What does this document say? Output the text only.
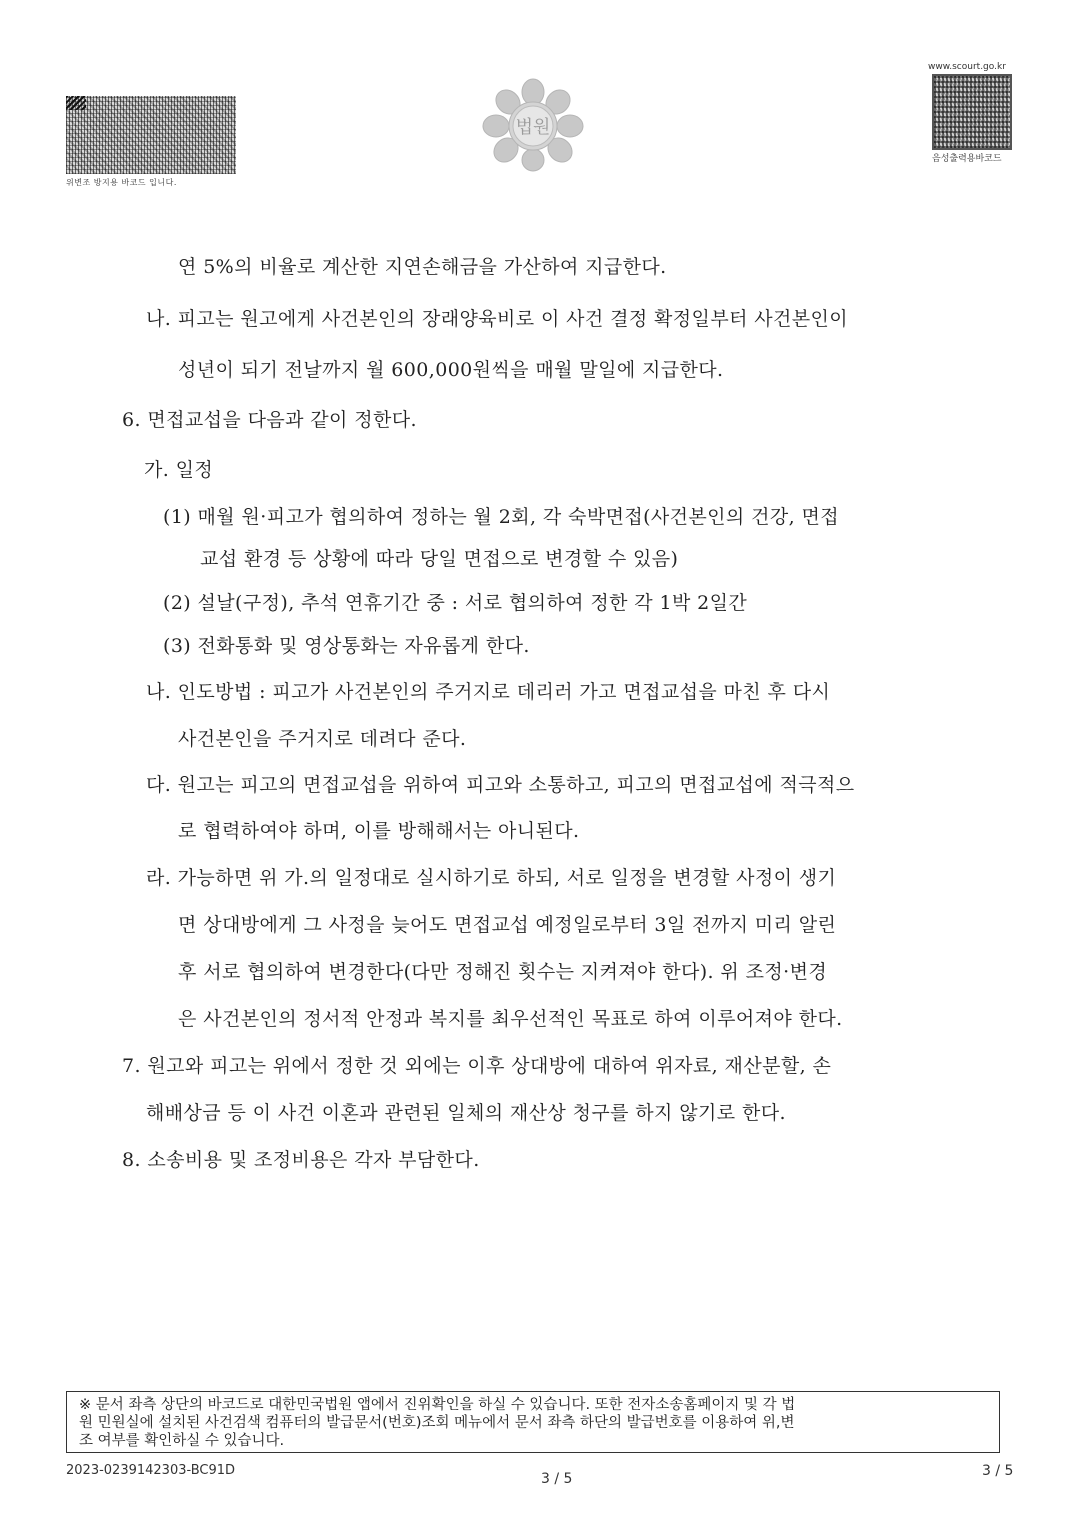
위변조 방지용 바코드 입니다.
법원
www.scourt.go.kr
음성출력용바코드
연 5%의 비율로 계산한 지연손해금을 가산하여 지급한다.
나. 피고는 원고에게 사건본인의 장래양육비로 이 사건 결정 확정일부터 사건본인이
성년이 되기 전날까지 월 600,000원씩을 매월 말일에 지급한다.
6. 면접교섭을 다음과 같이 정한다.
가. 일정
(1) 매월 원·피고가 협의하여 정하는 월 2회, 각 숙박면접(사건본인의 건강, 면접
교섭 환경 등 상황에 따라 당일 면접으로 변경할 수 있음)
(2) 설날(구정), 추석 연휴기간 중 : 서로 협의하여 정한 각 1박 2일간
(3) 전화통화 및 영상통화는 자유롭게 한다.
나. 인도방법 : 피고가 사건본인의 주거지로 데리러 가고 면접교섭을 마친 후 다시
사건본인을 주거지로 데려다 준다.
다. 원고는 피고의 면접교섭을 위하여 피고와 소통하고, 피고의 면접교섭에 적극적으
로 협력하여야 하며, 이를 방해해서는 아니된다.
라. 가능하면 위 가.의 일정대로 실시하기로 하되, 서로 일정을 변경할 사정이 생기
면 상대방에게 그 사정을 늦어도 면접교섭 예정일로부터 3일 전까지 미리 알린
후 서로 협의하여 변경한다(다만 정해진 횟수는 지켜져야 한다). 위 조정·변경
은 사건본인의 정서적 안정과 복지를 최우선적인 목표로 하여 이루어져야 한다.
7. 원고와 피고는 위에서 정한 것 외에는 이후 상대방에 대하여 위자료, 재산분할, 손
해배상금 등 이 사건 이혼과 관련된 일체의 재산상 청구를 하지 않기로 한다.
8. 소송비용 및 조정비용은 각자 부담한다.
※ 문서 좌측 상단의 바코드로 대한민국법원 앱에서 진위확인을 하실 수 있습니다. 또한 전자소송홈페이지 및 각 법
원 민원실에 설치된 사건검색 컴퓨터의 발급문서(번호)조회 메뉴에서 문서 좌측 하단의 발급번호를 이용하여 위,변
조 여부를 확인하실 수 있습니다.
2023-0239142303-BC91D
3 / 5	3 / 5
